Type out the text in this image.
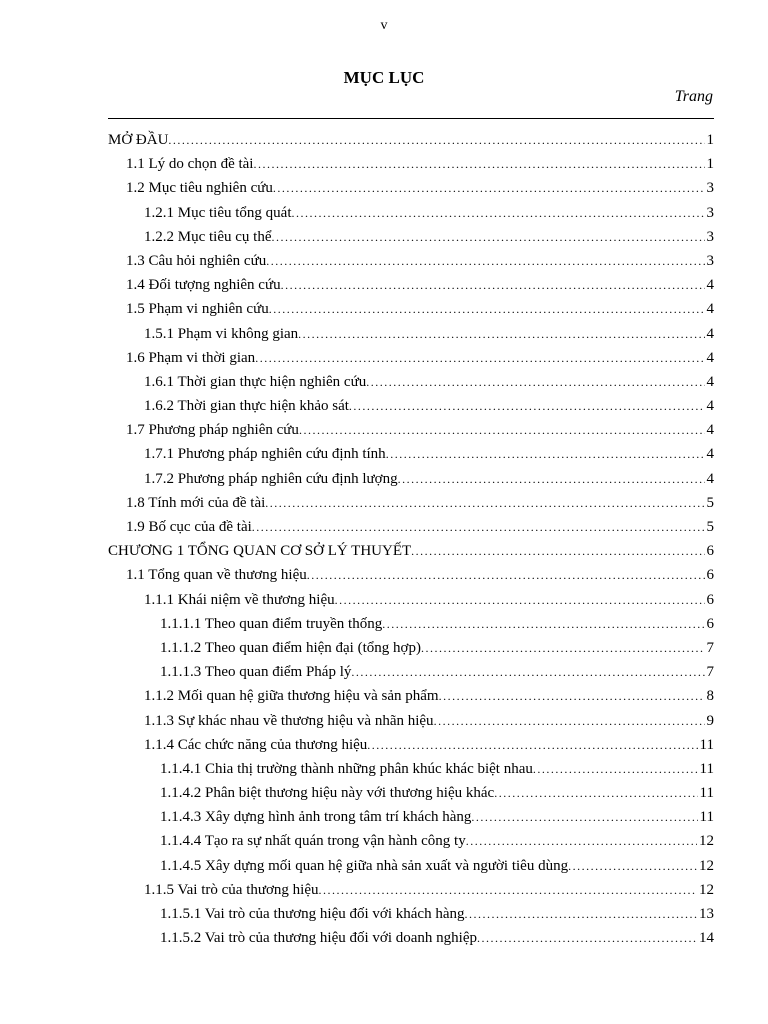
v
MỤC LỤC
Trang
MỞ ĐẦU .....	1
1.1 Lý do chọn đề tài .....	1
1.2 Mục tiêu nghiên cứu .....	3
1.2.1 Mục tiêu tổng quát .....	3
1.2.2 Mục tiêu cụ thể .....	3
1.3 Câu hỏi nghiên cứu .....	3
1.4 Đối tượng nghiên cứu .....	4
1.5 Phạm vi nghiên cứu .....	4
1.5.1 Phạm vi không gian .....	4
1.6 Phạm vi thời gian .....	4
1.6.1 Thời gian thực hiện nghiên cứu .....	4
1.6.2 Thời gian thực hiện khảo sát .....	4
1.7 Phương pháp nghiên cứu .....	4
1.7.1 Phương pháp nghiên cứu định tính .....	4
1.7.2 Phương pháp nghiên cứu định lượng .....	4
1.8 Tính mới của đề tài .....	5
1.9 Bố cục của đề tài .....	5
CHƯƠNG 1 TỔNG QUAN CƠ SỞ LÝ THUYẾT .....	6
1.1 Tổng quan về thương hiệu .....	6
1.1.1 Khái niệm về thương hiệu .....	6
1.1.1.1 Theo quan điểm truyền thống .....	6
1.1.1.2 Theo quan điểm hiện đại (tổng hợp) .....	7
1.1.1.3 Theo quan điểm Pháp lý .....	7
1.1.2 Mối quan hệ giữa thương hiệu và sản phẩm .....	8
1.1.3 Sự khác nhau về thương hiệu và nhãn hiệu .....	9
1.1.4 Các chức năng của thương hiệu .....	11
1.1.4.1 Chia thị trường thành những phân khúc khác biệt nhau .....	11
1.1.4.2 Phân biệt thương hiệu này với thương hiệu khác .....	11
1.1.4.3 Xây dựng hình ảnh trong tâm trí khách hàng .....	11
1.1.4.4 Tạo ra sự nhất quán trong vận hành công ty .....	12
1.1.4.5 Xây dựng mối quan hệ giữa nhà sản xuất và người tiêu dùng .....	12
1.1.5 Vai trò của thương hiệu .....	12
1.1.5.1 Vai trò của thương hiệu đối với khách hàng .....	13
1.1.5.2 Vai trò của thương hiệu đối với doanh nghiệp .....	14
